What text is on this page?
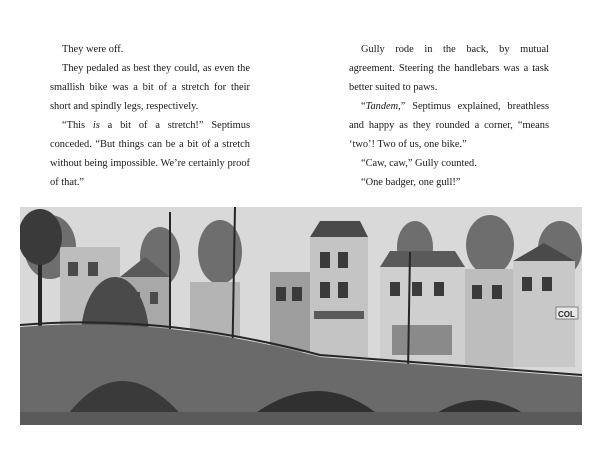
They were off.

They pedaled as best they could, as even the smallish bike was a bit of a stretch for their short and spindly legs, respectively.

“This is a bit of a stretch!” Septimus conceded. “But things can be a bit of a stretch without being impossible. We’re certainly proof of that.”

Gully rode in the back, by mutual agreement. Steering the handlebars was a task better suited to paws.

“Tandem,” Septimus explained, breathless and happy as they rounded a corner, “means ‘two’! Two of us, one bike.”

“Caw, caw,” Gully counted.

“One badger, one gull!”

COL
